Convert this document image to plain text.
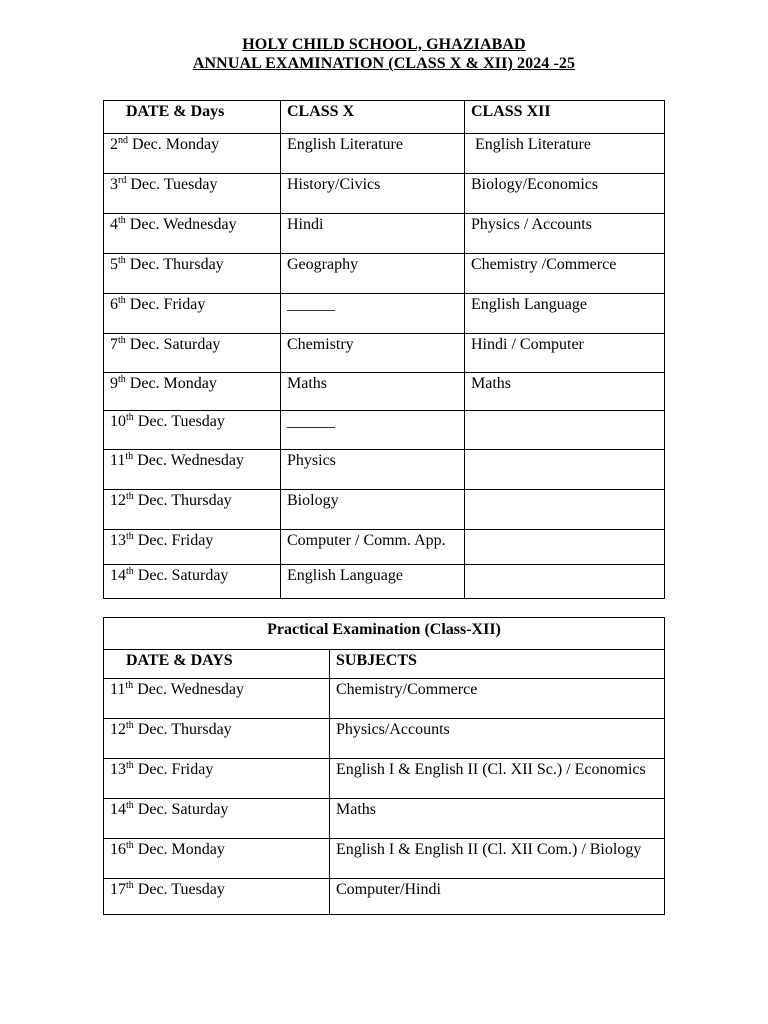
HOLY CHILD SCHOOL, GHAZIABAD
ANNUAL EXAMINATION (CLASS X & XII) 2024 -25
DATE & Days	CLASS X	CLASS XII

2nd Dec. Monday	English Literature	English Literature

3rd Dec. Tuesday	History/Civics	Biology/Economics

4th Dec. Wednesday	Hindi	Physics / Accounts

5th Dec. Thursday	Geography	Chemistry /Commerce

6th Dec. Friday	______	English Language

7th Dec. Saturday	Chemistry	Hindi / Computer

9th Dec. Monday	Maths	Maths

10th Dec. Tuesday	______	

11th Dec. Wednesday	Physics	

12th Dec. Thursday	Biology	

13th Dec. Friday	Computer / Comm. App.	

14th Dec. Saturday	English Language	

Practical Examination (Class-XII)	

DATE & DAYS	SUBJECTS

11th Dec. Wednesday	Chemistry/Commerce

12th Dec. Thursday	Physics/Accounts

13th Dec. Friday	English I & English II (Cl. XII Sc.) / Economics

14th Dec. Saturday	Maths

16th Dec. Monday	English I & English II (Cl. XII Com.) / Biology

17th Dec. Tuesday	Computer/Hindi
